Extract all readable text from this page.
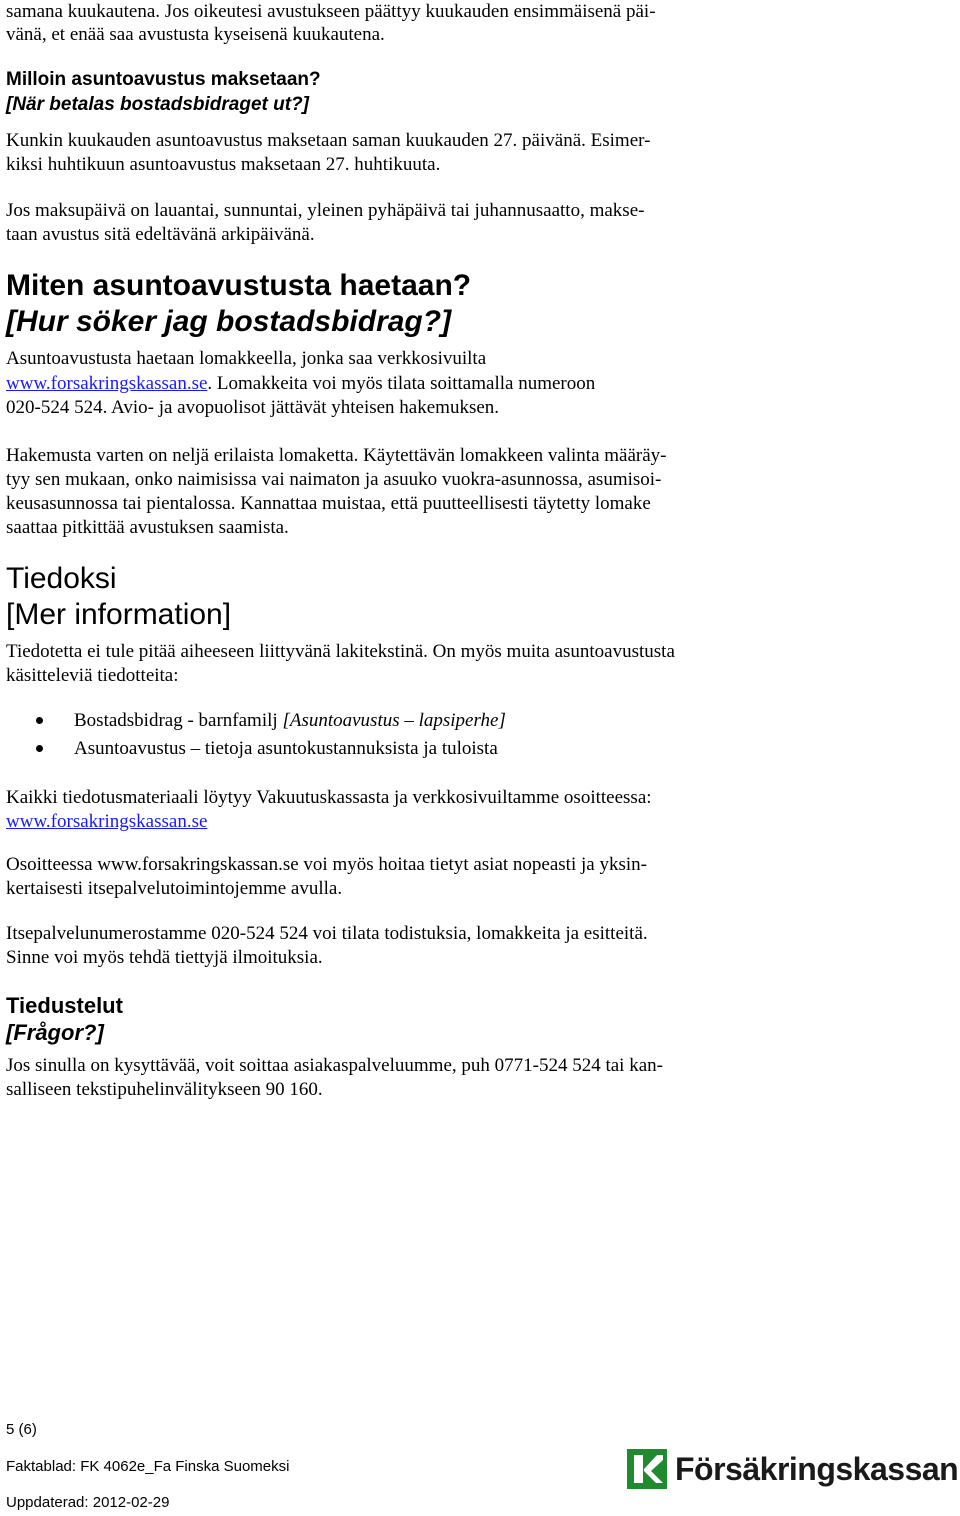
samana kuukautena. Jos oikeutesi avustukseen päättyy kuukauden ensimmäisenä päi-
vänä, et enää saa avustusta kyseisenä kuukautena.
Milloin asuntoavustus maksetaan?
[När betalas bostadsbidraget ut?]
Kunkin kuukauden asuntoavustus maksetaan saman kuukauden 27. päivänä. Esimer-
kiksi huhtikuun asuntoavustus maksetaan 27. huhtikuuta.
Jos maksupäivä on lauantai, sunnuntai, yleinen pyhäpäivä tai juhannusaatto, makse-
taan avustus sitä edeltävänä arkipäivänä.
Miten asuntoavustusta haetaan?
[Hur söker jag bostadsbidrag?]
Asuntoavustusta haetaan lomakkeella, jonka saa verkkosivuilta
www.forsakringskassan.se. Lomakkeita voi myös tilata soittamalla numeroon
020-524 524. Avio- ja avopuolisot jättävät yhteisen hakemuksen.
Hakemusta varten on neljä erilaista lomaketta. Käytettävän lomakkeen valinta määräy-
tyy sen mukaan, onko naimisissa vai naimaton ja asuuko vuokra-asunnossa, asumisoi-
keusasunnossa tai pientalossa. Kannattaa muistaa, että puutteellisesti täytetty lomake
saattaa pitkittää avustuksen saamista.
Tiedoksi
[Mer information]
Tiedotetta ei tule pitää aiheeseen liittyvänä lakitekstinä. On myös muita asuntoavustusta
käsitteleviä tiedotteita:
Bostadsbidrag - barnfamilj [Asuntoavustus – lapsiperhe]
Asuntoavustus – tietoja asuntokustannuksista ja tuloista
Kaikki tiedotusmateriaali löytyy Vakuutuskassasta ja verkkosivuiltamme osoitteessa:
www.forsakringskassan.se
Osoitteessa www.forsakringskassan.se voi myös hoitaa tietyt asiat nopeasti ja yksin-
kertaisesti itsepalvelutoimintojemme avulla.
Itsepalvelunumerostamme 020-524 524 voi tilata todistuksia, lomakkeita ja esitteitä.
Sinne voi myös tehdä tiettyjä ilmoituksia.
Tiedustelut
[Frågor?]
Jos sinulla on kysyttävää, voit soittaa asiakaspalveluumme, puh 0771-524 524 tai kan-
salliseen tekstipuhelinvälitykseen 90 160.
5 (6)
Faktablad: FK 4062e_Fa Finska Suomeksi
Uppdaterad: 2012-02-29
Försäkringskassan
